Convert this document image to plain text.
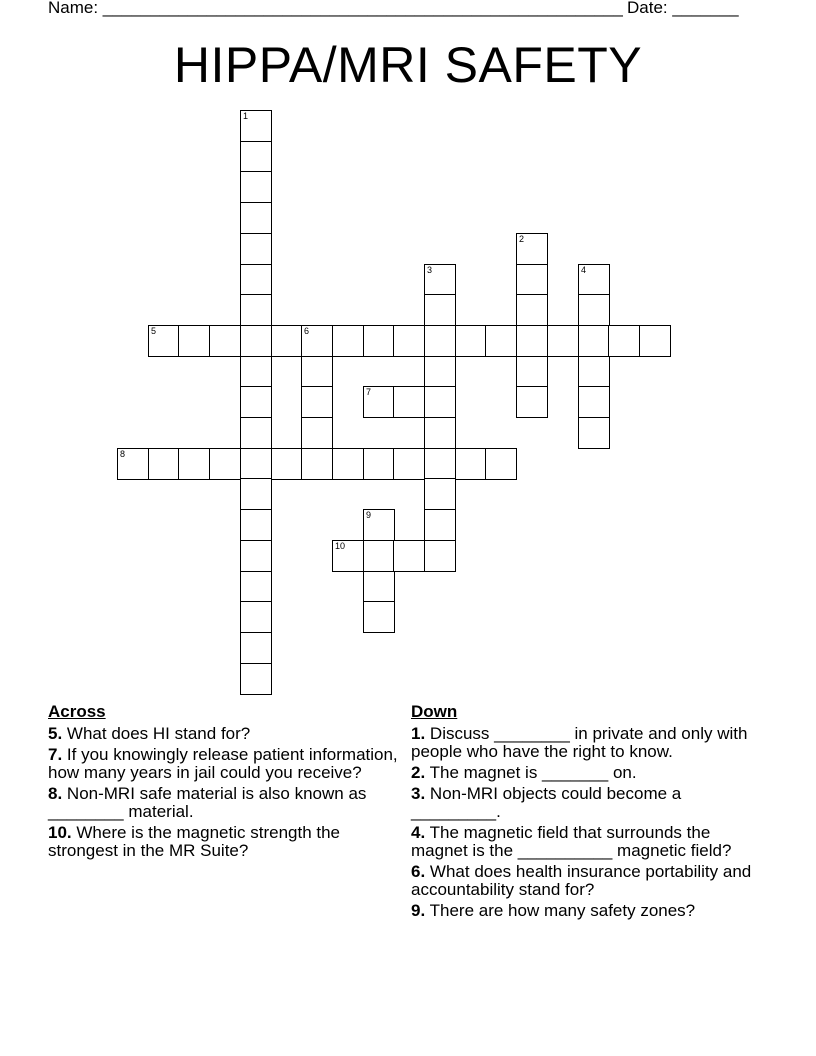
Name: _______________________________________________________ Date: _______
HIPPA/MRI SAFETY
1
2
3	4
5	6
7
8
9
10
Across
5. What does HI stand for?
7. If you knowingly release patient information, how many years in jail could you receive?
8. Non-MRI safe material is also known as ________ material.
10. Where is the magnetic strength the strongest in the MR Suite?
Down
1. Discuss ________ in private and only with people who have the right to know.
2. The magnet is _______ on.
3. Non-MRI objects could become a _________.
4. The magnetic field that surrounds the magnet is the __________ magnetic field?
6. What does health insurance portability and accountability stand for?
9. There are how many safety zones?
